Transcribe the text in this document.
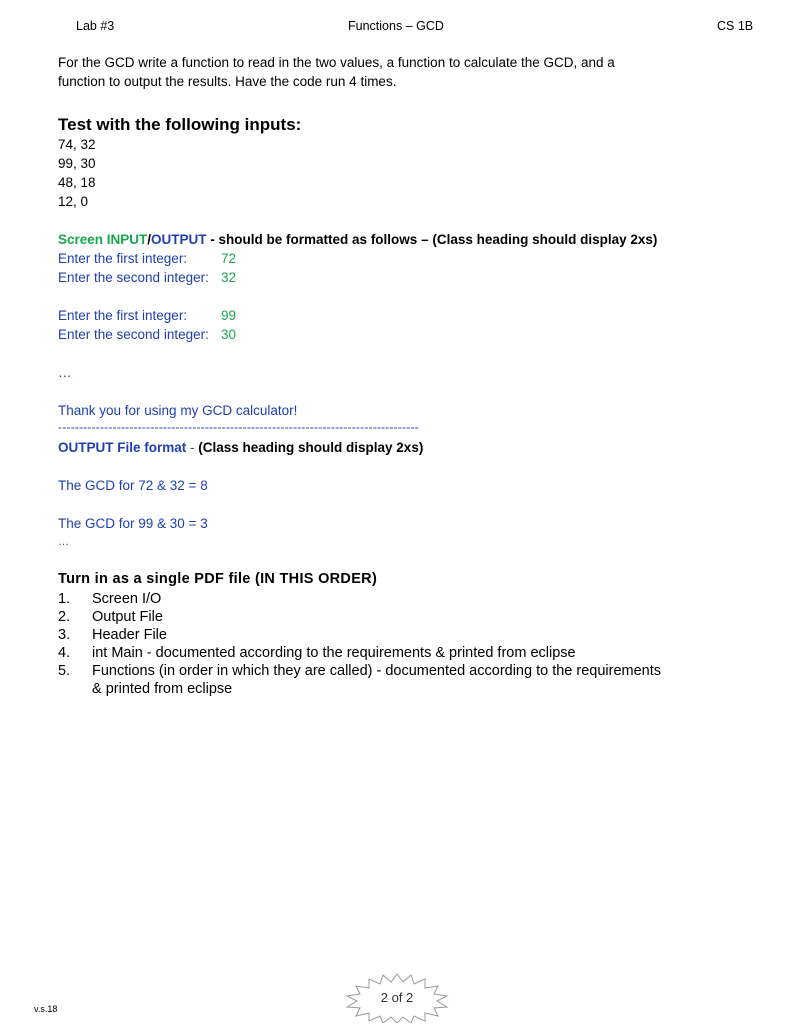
Lab #3	Functions – GCD	CS 1B
For the GCD write a function to read in the two values, a function to calculate the GCD, and a
function to output the results. Have the code run 4 times.
Test with the following inputs:
74, 32
99, 30
48, 18
12, 0
Screen INPUT/OUTPUT - should be formatted as follows – (Class heading should display 2xs)
Enter the first integer:	72
Enter the second integer: 32
Enter the first integer:	99
Enter the second integer: 30
…
Thank you for using my GCD calculator!
--------------------------------------------------------------------------------------
OUTPUT File format - (Class heading should display 2xs)
The GCD for 72 & 32 = 8
The GCD for 99 & 30 = 3
…
Turn in as a single PDF file (IN THIS ORDER)
1. Screen I/O
2. Output File
3. Header File
4. int Main - documented according to the requirements & printed from eclipse
5. Functions (in order in which they are called) - documented according to the requirements
& printed from eclipse
v.s.18
2 of 2
